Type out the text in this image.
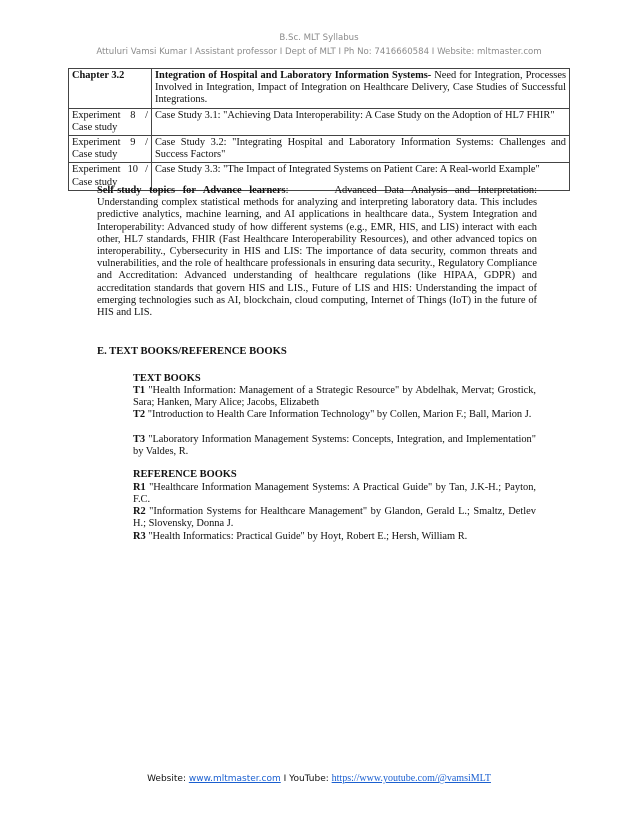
B.Sc. MLT Syllabus
Attuluri Vamsi Kumar I Assistant professor I Dept of MLT I Ph No: 7416660584 I Website: mltmaster.com
Chapter 3.2	Integration of Hospital and Laboratory Information Systems- Need for Integration, Processes Involved in Integration, Impact of Integration on Healthcare Delivery, Case Studies of Successful Integrations.
Experiment 8 / Case study	Case Study 3.1: "Achieving Data Interoperability: A Case Study on the Adoption of HL7 FHIR"
Experiment 9 / Case study	Case Study 3.2: "Integrating Hospital and Laboratory Information Systems: Challenges and Success Factors"
Experiment 10 / Case study	Case Study 3.3: "The Impact of Integrated Systems on Patient Care: A Real-world Example"
Self-study topics for Advance learners:	Advanced Data Analysis and Interpretation: Understanding complex statistical methods for analyzing and interpreting laboratory data. This includes predictive analytics, machine learning, and AI applications in healthcare data., System Integration and Interoperability: Advanced study of how different systems (e.g., EMR, HIS, and LIS) interact with each other, HL7 standards, FHIR (Fast Healthcare Interoperability Resources), and other advanced topics on interoperability., Cybersecurity in HIS and LIS: The importance of data security, common threats and vulnerabilities, and the role of healthcare professionals in ensuring data security., Regulatory Compliance and Accreditation: Advanced understanding of healthcare regulations (like HIPAA, GDPR) and accreditation standards that govern HIS and LIS., Future of LIS and HIS: Understanding the impact of emerging technologies such as AI, blockchain, cloud computing, Internet of Things (IoT) in the future of HIS and LIS.
E. TEXT BOOKS/REFERENCE BOOKS
TEXT BOOKS
T1 "Health Information: Management of a Strategic Resource" by Abdelhak, Mervat; Grostick, Sara; Hanken, Mary Alice; Jacobs, Elizabeth
T2 "Introduction to Health Care Information Technology" by Collen, Marion F.; Ball, Marion J.
T3 "Laboratory Information Management Systems: Concepts, Integration, and Implementation" by Valdes, R.
REFERENCE BOOKS
R1 "Healthcare Information Management Systems: A Practical Guide" by Tan, J.K-H.; Payton, F.C.
R2 "Information Systems for Healthcare Management" by Glandon, Gerald L.; Smaltz, Detlev H.; Slovensky, Donna J.
R3 "Health Informatics: Practical Guide" by Hoyt, Robert E.; Hersh, William R.
Website: www.mltmaster.com I YouTube: https://www.youtube.com/@vamsiMLT
